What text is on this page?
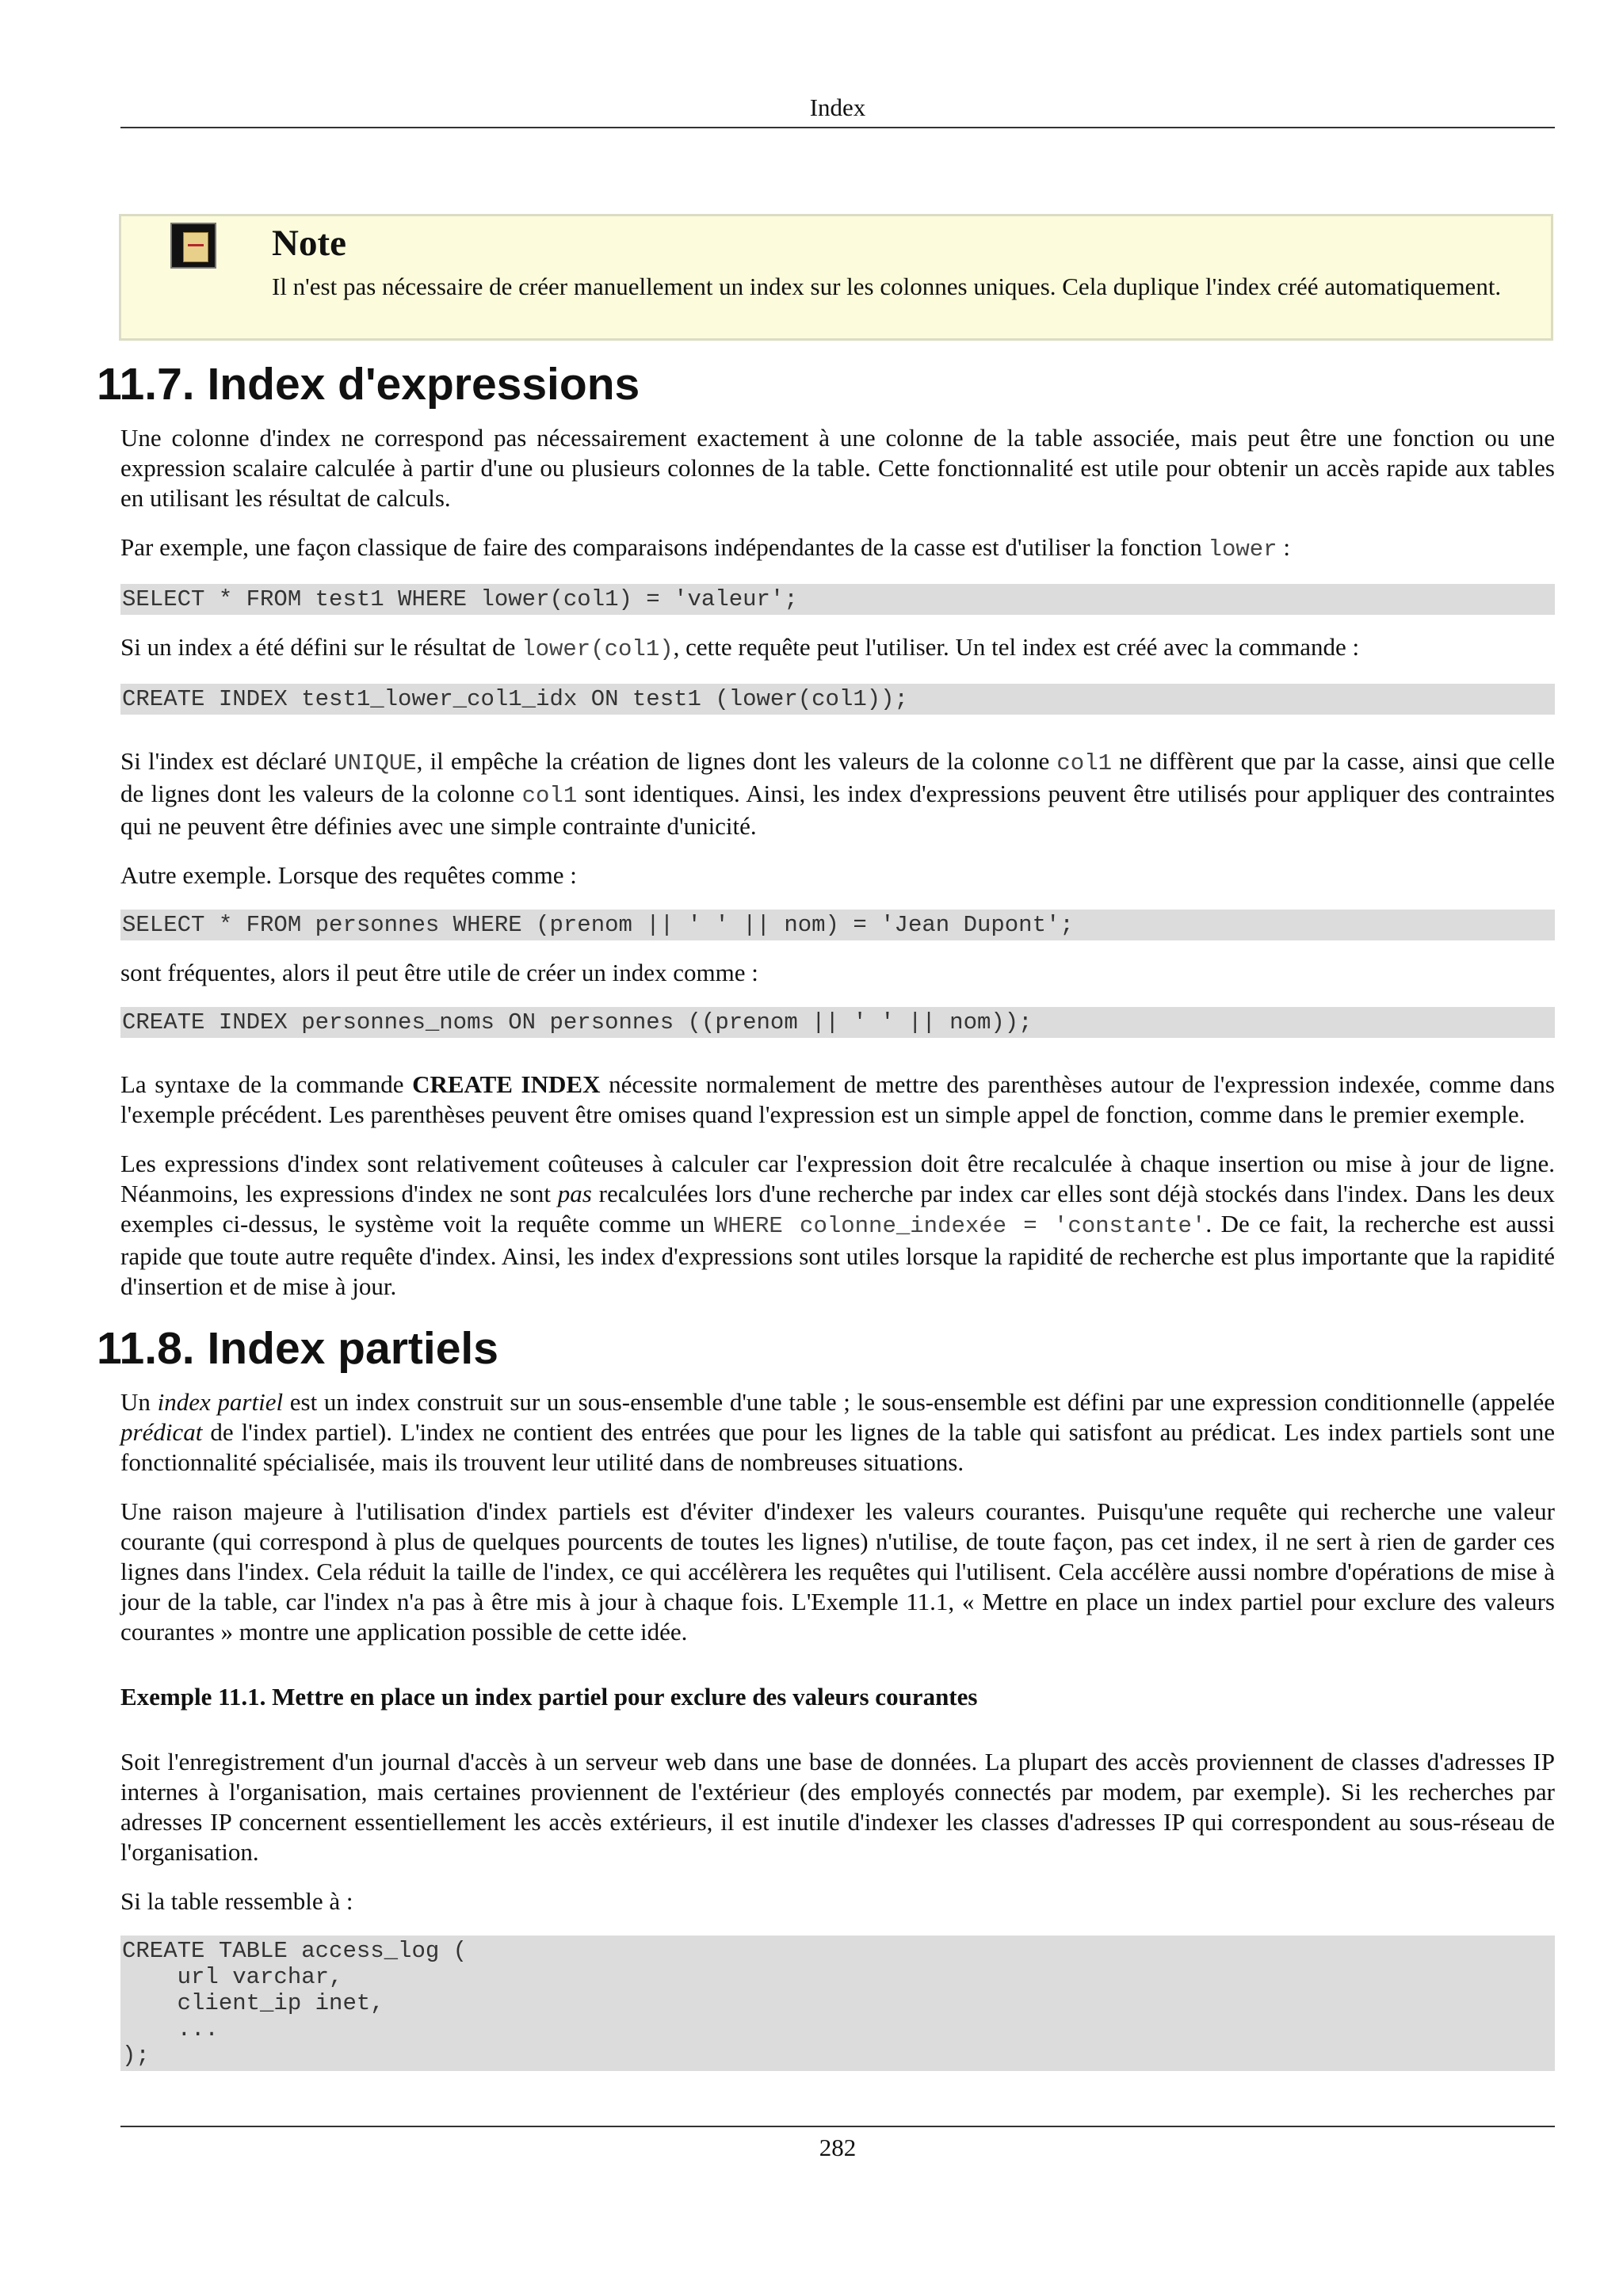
Index
Note

Il n'est pas nécessaire de créer manuellement un index sur les colonnes uniques. Cela duplique l'index créé automatiquement.

11.7. Index d'expressions

Une colonne d'index ne correspond pas nécessairement exactement à une colonne de la table associée, mais peut être une fonction ou une expression scalaire calculée à partir d'une ou plusieurs colonnes de la table. Cette fonctionnalité est utile pour obtenir un accès rapide aux tables en utilisant les résultat de calculs.

Par exemple, une façon classique de faire des comparaisons indépendantes de la casse est d'utiliser la fonction lower :

SELECT * FROM test1 WHERE lower(col1) = 'valeur';

Si un index a été défini sur le résultat de lower(col1), cette requête peut l'utiliser. Un tel index est créé avec la commande :

CREATE INDEX test1_lower_col1_idx ON test1 (lower(col1));

Si l'index est déclaré UNIQUE, il empêche la création de lignes dont les valeurs de la colonne col1 ne diffèrent que par la casse, ainsi que celle de lignes dont les valeurs de la colonne col1 sont identiques. Ainsi, les index d'expressions peuvent être utilisés pour appliquer des contraintes qui ne peuvent être définies avec une simple contrainte d'unicité.

Autre exemple. Lorsque des requêtes comme :

SELECT * FROM personnes WHERE (prenom || ' ' || nom) = 'Jean Dupont';

sont fréquentes, alors il peut être utile de créer un index comme :

CREATE INDEX personnes_noms ON personnes ((prenom || ' ' || nom));

La syntaxe de la commande CREATE INDEX nécessite normalement de mettre des parenthèses autour de l'expression indexée, comme dans l'exemple précédent. Les parenthèses peuvent être omises quand l'expression est un simple appel de fonction, comme dans le premier exemple.

Les expressions d'index sont relativement coûteuses à calculer car l'expression doit être recalculée à chaque insertion ou mise à jour de ligne. Néanmoins, les expressions d'index ne sont pas recalculées lors d'une recherche par index car elles sont déjà stockés dans l'index. Dans les deux exemples ci-dessus, le système voit la requête comme un WHERE colonne_indexée = 'constante'. De ce fait, la recherche est aussi rapide que toute autre requête d'index. Ainsi, les index d'expressions sont utiles lorsque la rapidité de recherche est plus importante que la rapidité d'insertion et de mise à jour.

11.8. Index partiels

Un index partiel est un index construit sur un sous-ensemble d'une table ; le sous-ensemble est défini par une expression conditionnelle (appelée prédicat de l'index partiel). L'index ne contient des entrées que pour les lignes de la table qui satisfont au prédicat. Les index partiels sont une fonctionnalité spécialisée, mais ils trouvent leur utilité dans de nombreuses situations.

Une raison majeure à l'utilisation d'index partiels est d'éviter d'indexer les valeurs courantes. Puisqu'une requête qui recherche une valeur courante (qui correspond à plus de quelques pourcents de toutes les lignes) n'utilise, de toute façon, pas cet index, il ne sert à rien de garder ces lignes dans l'index. Cela réduit la taille de l'index, ce qui accélèrera les requêtes qui l'utilisent. Cela accélère aussi nombre d'opérations de mise à jour de la table, car l'index n'a pas à être mis à jour à chaque fois. L'Exemple 11.1, « Mettre en place un index partiel pour exclure des valeurs courantes » montre une application possible de cette idée.

Exemple 11.1. Mettre en place un index partiel pour exclure des valeurs courantes

Soit l'enregistrement d'un journal d'accès à un serveur web dans une base de données. La plupart des accès proviennent de classes d'adresses IP internes à l'organisation, mais certaines proviennent de l'extérieur (des employés connectés par modem, par exemple). Si les recherches par adresses IP concernent essentiellement les accès extérieurs, il est inutile d'indexer les classes d'adresses IP qui correspondent au sous-réseau de l'organisation.

Si la table ressemble à :

CREATE TABLE access_log (
url varchar,
client_ip inet,
...
);
282
